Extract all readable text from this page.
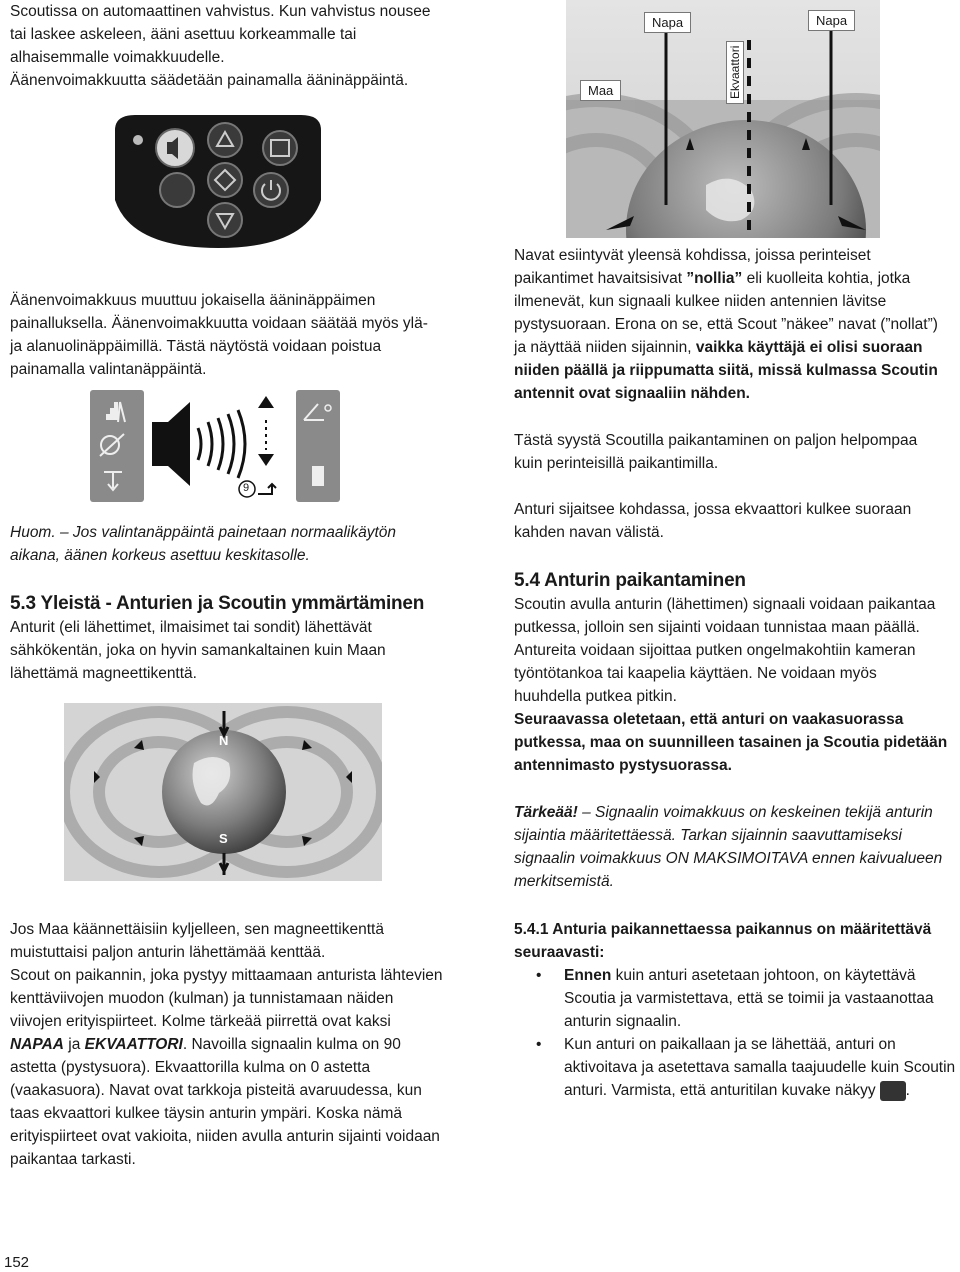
Scoutissa on automaattinen vahvistus. Kun vahvistus nousee

tai laskee askeleen, ääni asettuu korkeammalle tai

alhaisemmalle voimakkuudelle.

Äänenvoimakkuutta säädetään painamalla ääninäppäintä.

Maa
Napa	Napa
Ekvaattori

Äänenvoimakkuus muuttuu jokaisella ääninäppäimen

painalluksella. Äänenvoimakkuutta voidaan säätää myös ylä-

ja alanuolinäppäimillä. Tästä näytöstä voidaan poistua

painamalla valintanäppäintä.

9

Huom. – Jos valintanäppäintä painetaan normaalikäytön

aikana, äänen korkeus asettuu keskitasolle.

5.3 Yleistä - Anturien ja Scoutin ymmärtäminen

Anturit (eli lähettimet, ilmaisimet tai sondit) lähettävät

sähkökentän, joka on hyvin samankaltainen kuin Maan

lähettämä magneettikenttä.

N
S

Jos Maa käännettäisiin kyljelleen, sen magneettikenttä

muistuttaisi paljon anturin lähettämää kenttää.

Scout on paikannin, joka pystyy mittaamaan anturista lähtevien

kenttäviivojen muodon (kulman) ja tunnistamaan näiden

viivojen erityispiirteet. Kolme tärkeää piirrettä ovat kaksi

NAPAA ja EKVAATTORI. Navoilla signaalin kulma on 90

astetta (pystysuora). Ekvaattorilla kulma on 0 astetta

(vaakasuora). Navat ovat tarkkoja pisteitä avaruudessa, kun

taas ekvaattori kulkee täysin anturin ympäri. Koska nämä

erityispiirteet ovat vakioita, niiden avulla anturin sijainti voidaan

paikantaa tarkasti.

Navat esiintyvät yleensä kohdissa, joissa perinteiset

paikantimet havaitsisivat ”nollia” eli kuolleita kohtia, jotka

ilmenevät, kun signaali kulkee niiden antennien lävitse

pystysuoraan. Erona on se, että Scout ”näkee” navat (”nollat”)

ja näyttää niiden sijainnin, vaikka käyttäjä ei olisi suoraan

niiden päällä ja riippumatta siitä, missä kulmassa Scoutin

antennit ovat signaaliin nähden.

Tästä syystä Scoutilla paikantaminen on paljon helpompaa

kuin perinteisillä paikantimilla.

Anturi sijaitsee kohdassa, jossa ekvaattori kulkee suoraan

kahden navan välistä.

5.4 Anturin paikantaminen

Scoutin avulla anturin (lähettimen) signaali voidaan paikantaa

putkessa, jolloin sen sijainti voidaan tunnistaa maan päällä.

Antureita voidaan sijoittaa putken ongelmakohtiin kameran

työntötankoa tai kaapelia käyttäen. Ne voidaan myös

huuhdella putkea pitkin.

Seuraavassa oletetaan, että anturi on vaakasuorassa

putkessa, maa on suunnilleen tasainen ja Scoutia pidetään

antennimasto pystysuorassa.

Tärkeää! – Signaalin voimakkuus on keskeinen tekijä anturin

sijaintia määritettäessä. Tarkan sijainnin saavuttamiseksi

signaalin voimakkuus ON MAKSIMOITAVA ennen kaivualueen

merkitsemistä.

5.4.1 Anturia paikannettaessa paikannus on määritettävä
seuraavasti:
• Ennen kuin anturi asetetaan johtoon, on käytettävä
Scoutia ja varmistettava, että se toimii ja vastaanottaa
anturin signaalin.
• Kun anturi on paikallaan ja se lähettää, anturi on
aktivoitava ja asetettava samalla taajuudelle kuin Scoutin
anturi. Varmista, että anturitilan kuvake näkyy .
152
